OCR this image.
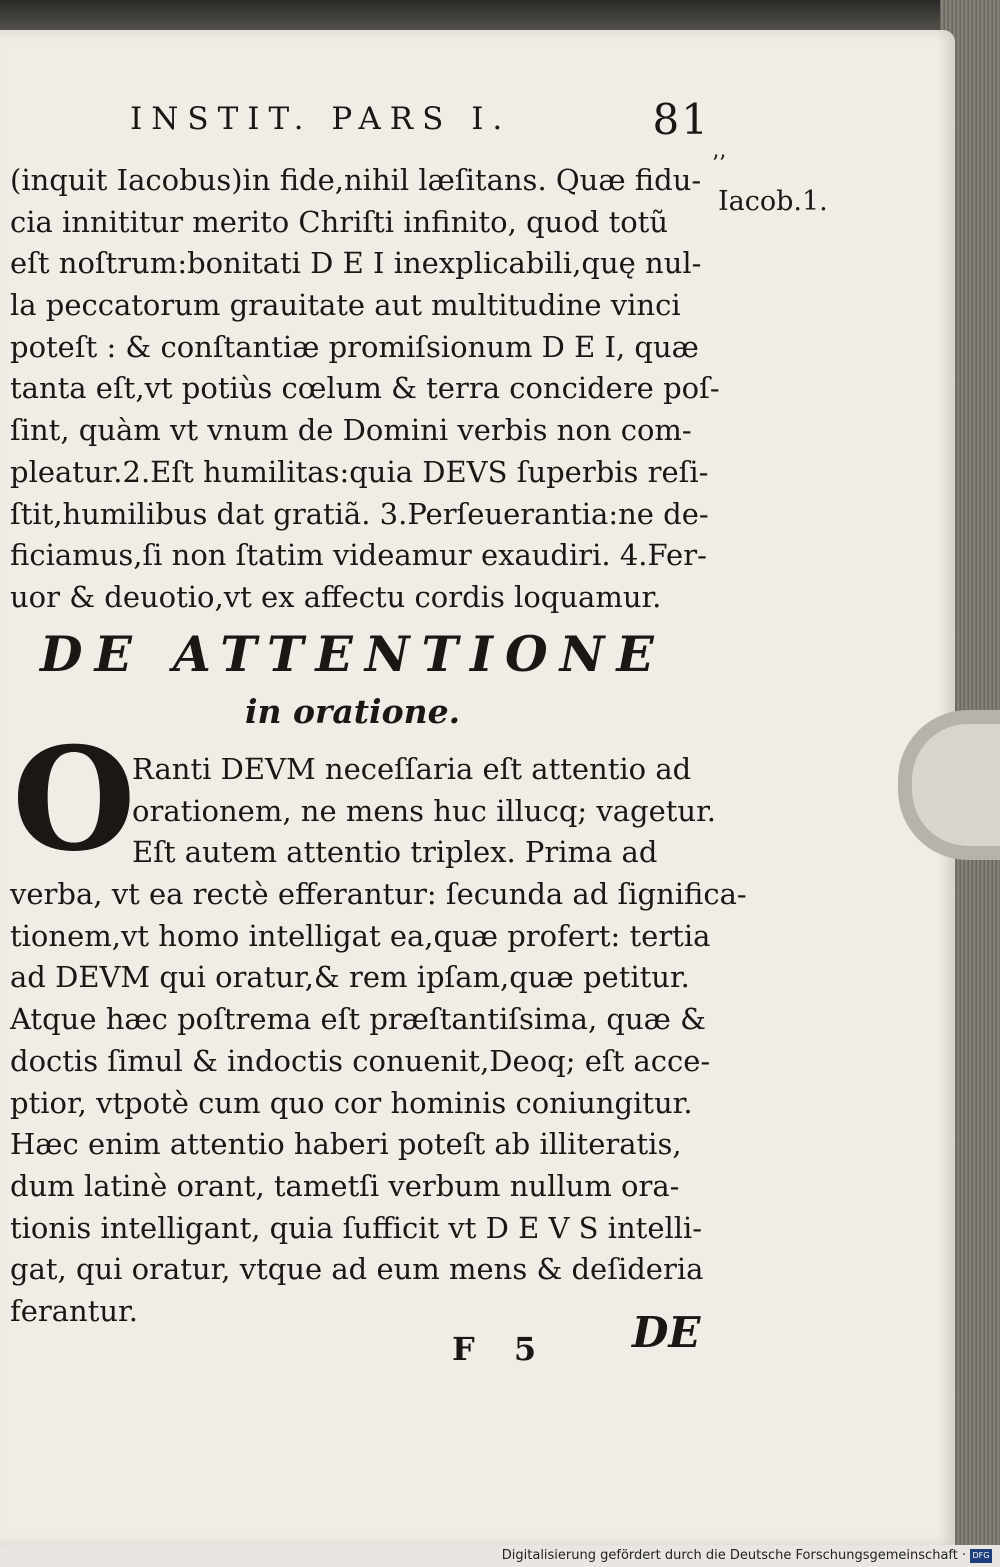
INSTIT. PARS I.	81
’’
Iacob.1.
(inquit Iacobus)in fide,nihil læſitans. Quæ fidu-
cia innititur merito Chriſti infinito, quod totũ
eſt noſtrum:bonitati D E I inexplicabili,quę nul-
la peccatorum grauitate aut multitudine vinci
poteſt : & conſtantiæ promiſsionum D E I, quæ
tanta eſt,vt potiùs cœlum & terra concidere poſ-
ſint, quàm vt vnum de Domini verbis non com-
pleatur.2.Eſt humilitas:quia DEVS ſuperbis reſi-
ſtit,humilibus dat gratiã. 3.Perſeuerantia:ne de-
ficiamus,ſi non ſtatim videamur exaudiri. 4.Fer-
uor & deuotio,vt ex affectu cordis loquamur.
DE ATTENTIONE
in oratione.
O
Ranti DEVM neceſſaria eſt attentio ad
orationem, ne mens huc illucq; vagetur.
Eſt autem attentio triplex. Prima ad
verba, vt ea rectè efferantur: ſecunda ad ſignifica-
tionem,vt homo intelligat ea,quæ profert: tertia
ad DEVM qui oratur,& rem ipſam,quæ petitur.
Atque hæc poſtrema eſt præſtantiſsima, quæ &
doctis ſimul & indoctis conuenit,Deoq; eſt acce-
ptior, vtpotè cum quo cor hominis coniungitur.
Hæc enim attentio haberi poteſt ab illiteratis,
dum latinè orant, tametſi verbum nullum ora-
tionis intelligant, quia ſufficit vt D E V S intelli-
gat, qui oratur, vtque ad eum mens & deſideria
ferantur.
F 5 DE
Digitalisierung gefördert durch die Deutsche Forschungsgemeinschaft · DFG
